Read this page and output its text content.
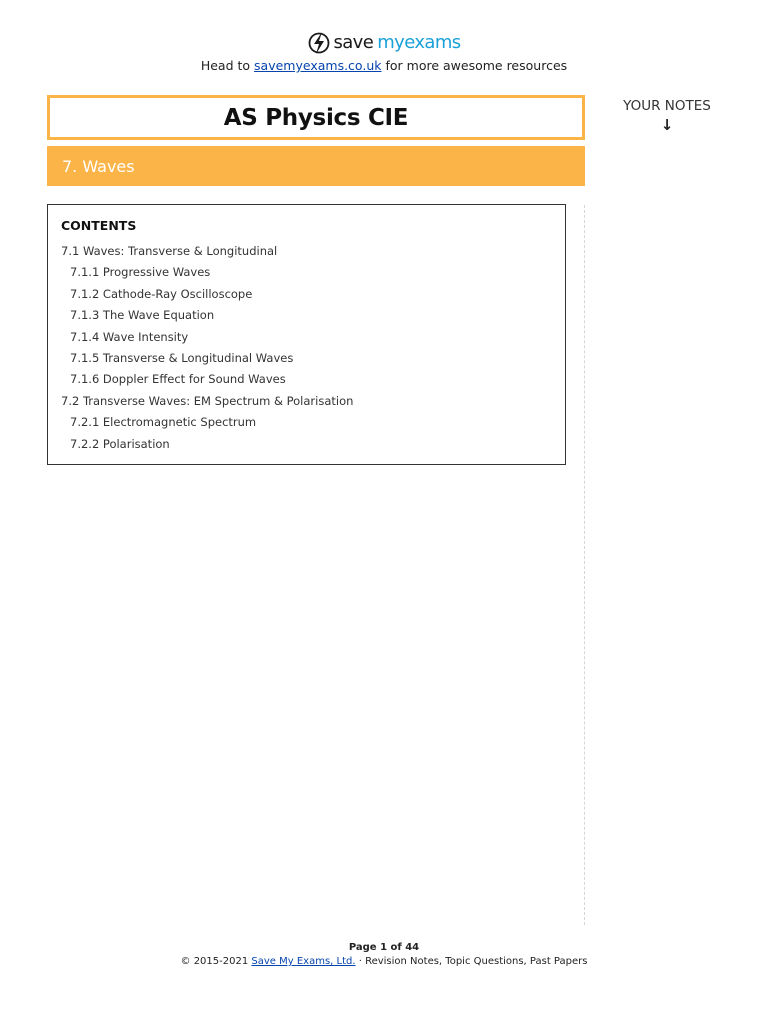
save myexams
Head to savemyexams.co.uk for more awesome resources
AS Physics CIE
7. Waves
YOUR NOTES
↓
CONTENTS
7.1 Waves: Transverse & Longitudinal
7.1.1 Progressive Waves
7.1.2 Cathode-Ray Oscilloscope
7.1.3 The Wave Equation
7.1.4 Wave Intensity
7.1.5 Transverse & Longitudinal Waves
7.1.6 Doppler Effect for Sound Waves
7.2 Transverse Waves: EM Spectrum & Polarisation
7.2.1 Electromagnetic Spectrum
7.2.2 Polarisation
Page 1 of 44
© 2015-2021 Save My Exams, Ltd. · Revision Notes, Topic Questions, Past Papers
